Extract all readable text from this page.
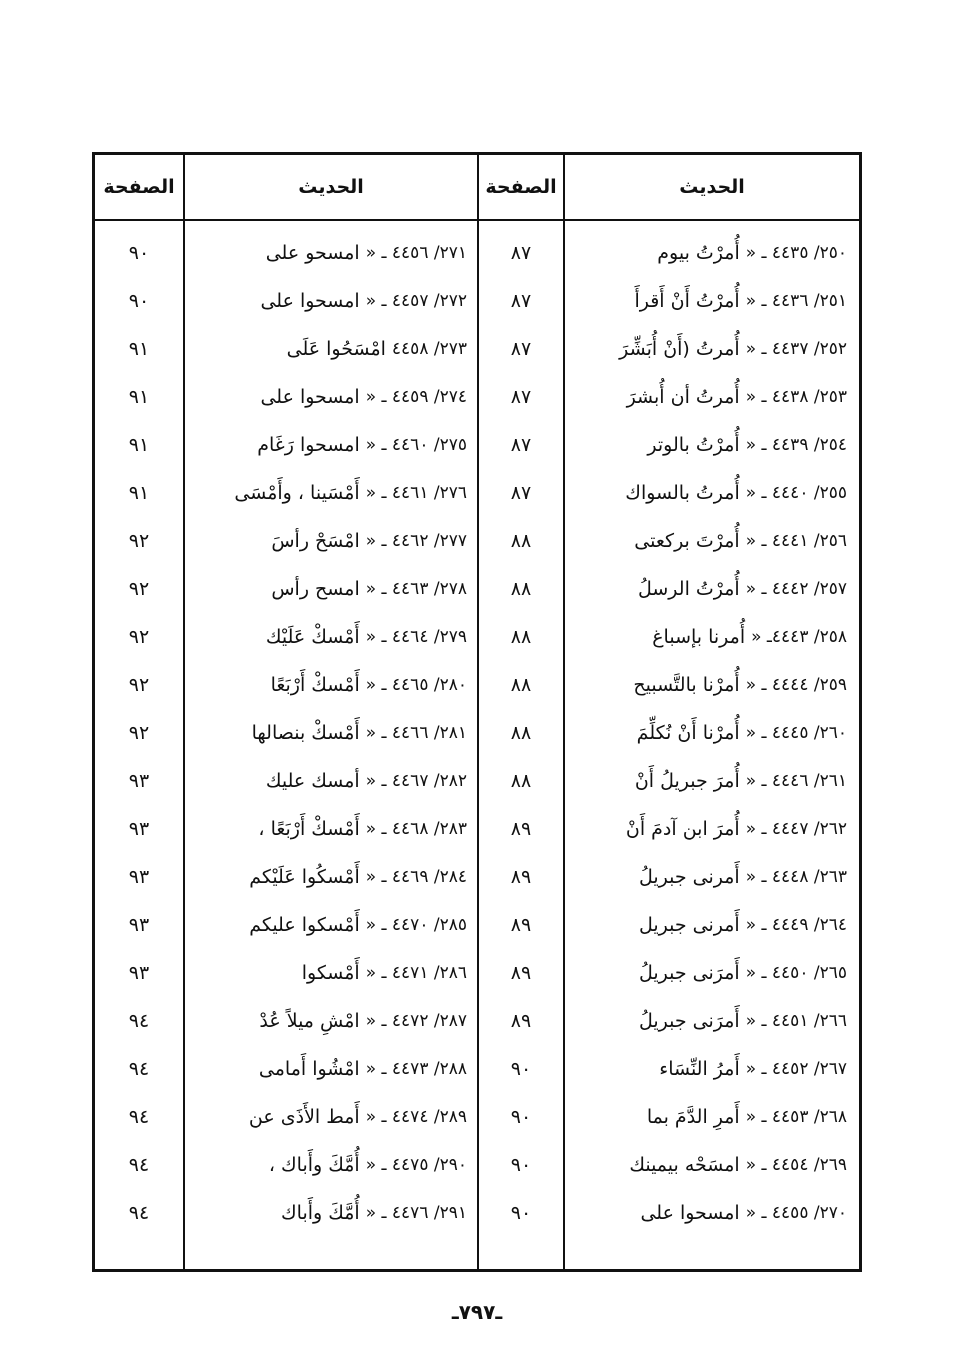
الحديث
الصفحة
الحديث
الصفحة
٢٥٠/ ٤٤٣٥ ـ «
أُمرْتُ بيوم
٢٥١/ ٤٤٣٦ ـ «
أُمرْتُ أَنْ أَقرأَ
٢٥٢/ ٤٤٣٧ ـ «
أُمرتُ (أَنْ أُبَشِّرَ
٢٥٣/ ٤٤٣٨ ـ «
أُمرتُ أن أُبشرَ
٢٥٤/ ٤٤٣٩ ـ «
أُمرْتُ بالوتر
٢٥٥/ ٤٤٤٠ ـ «
أُمرتُ بالسواك
٢٥٦/ ٤٤٤١ ـ «
أُمرْتَ بركعتى
٢٥٧/ ٤٤٤٢ ـ «
أُمرْتُ الرسلُ
٢٥٨/ ٤٤٤٣ـ «
أُمرنا بإسباغ
٢٥٩/ ٤٤٤٤ ـ «
أُمرْنا بالتَّسبيح
٢٦٠/ ٤٤٤٥ ـ «
أُمرْنا أَنْ نُكلِّمَ
٢٦١/ ٤٤٤٦ ـ «
أُمرَ جبريلُ أَنْ
٢٦٢/ ٤٤٤٧ ـ «
أُمرَ ابن آدمَ أَنْ
٢٦٣/ ٤٤٤٨ ـ «
أَمرنى جبريلُ
٢٦٤/ ٤٤٤٩ ـ «
أَمرنى جبريل
٢٦٥/ ٤٤٥٠ ـ «
أَمرَنى جبريلُ
٢٦٦/ ٤٤٥١ ـ «
أَمرَنى جبريلُ
٢٦٧/ ٤٤٥٢ ـ «
أَمرُ النِّسَاء
٢٦٨/ ٤٤٥٣ ـ «
أَمرِ الدَّمَ بما
٢٦٩/ ٤٤٥٤ ـ «
امسَحْه بيمينك
٢٧٠/ ٤٤٥٥ ـ «
امسحوا على
٨٧
٨٧
٨٧
٨٧
٨٧
٨٧
٨٨
٨٨
٨٨
٨٨
٨٨
٨٨
٨٩
٨٩
٨٩
٨٩
٨٩
٩٠
٩٠
٩٠
٩٠
٢٧١/ ٤٤٥٦ ـ «
امسحو على
٢٧٢/ ٤٤٥٧ ـ «
امسحوا على
٢٧٣/ ٤٤٥٨
امْسَحُوا عَلَى
٢٧٤/ ٤٤٥٩ ـ «
امسحوا على
٢٧٥/ ٤٤٦٠ ـ «
امسحوا رَغَام
٢٧٦/ ٤٤٦١ ـ «
أَمْسَينا ، وأَمْسَى
٢٧٧/ ٤٤٦٢ ـ «
امْسَحْ رأسَ
٢٧٨/ ٤٤٦٣ ـ «
امسح رأس
٢٧٩/ ٤٤٦٤ ـ «
أَمْسكْ عَلَيْك
٢٨٠/ ٤٤٦٥ ـ «
أَمْسكْ أَرْبَعًا
٢٨١/ ٤٤٦٦ ـ «
أَمْسكْ بنصالها
٢٨٢/ ٤٤٦٧ ـ «
أمسك عليك
٢٨٣/ ٤٤٦٨ ـ «
أَمْسكْ أَرْبَعًا ،
٢٨٤/ ٤٤٦٩ ـ «
أَمْسكُوا عَلَيْكم
٢٨٥/ ٤٤٧٠ ـ «
أَمْسكوا عليكم
٢٨٦/ ٤٤٧١ ـ «
أَمْسكوا
٢٨٧/ ٤٤٧٢ ـ «
امْشِ ميلاً عُدْ
٢٨٨/ ٤٤٧٣ ـ «
امْشُوا أَمامى
٢٨٩/ ٤٤٧٤ ـ «
أَمط الأَذَى عن
٢٩٠/ ٤٤٧٥ ـ «
أُمَّكَ وأَباك ،
٢٩١/ ٤٤٧٦ ـ «
أُمَّكَ وأَباك
٩٠
٩٠
٩١
٩١
٩١
٩١
٩٢
٩٢
٩٢
٩٢
٩٢
٩٣
٩٣
٩٣
٩٣
٩٣
٩٤
٩٤
٩٤
٩٤
٩٤
ـ٧٩٧ـ
